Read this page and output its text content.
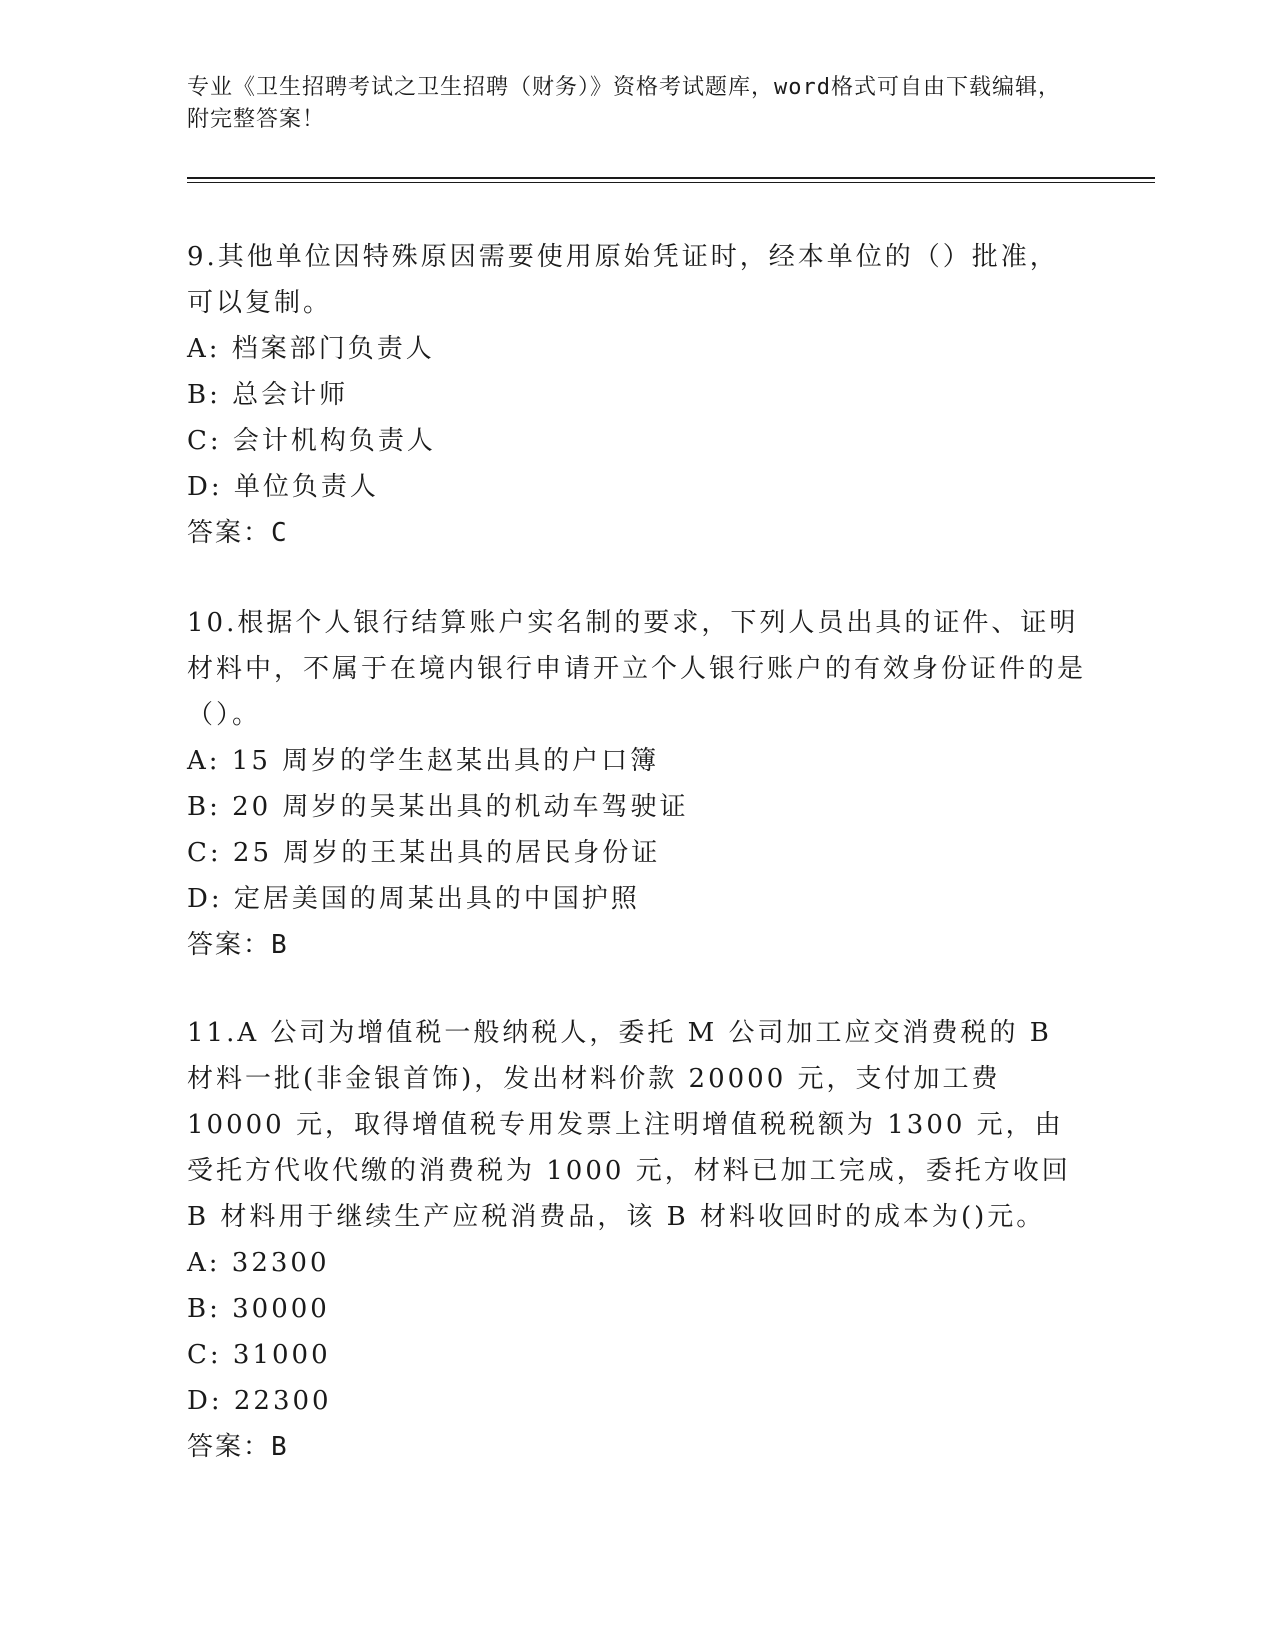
专业《卫生招聘考试之卫生招聘（财务）》资格考试题库，word格式可自由下载编辑，附完整答案！
9.其他单位因特殊原因需要使用原始凭证时，经本单位的（）批准，可以复制。
A: 档案部门负责人
B: 总会计师
C: 会计机构负责人
D: 单位负责人
答案：C
10.根据个人银行结算账户实名制的要求，下列人员出具的证件、证明材料中，不属于在境内银行申请开立个人银行账户的有效身份证件的是（）。
A: 15 周岁的学生赵某出具的户口簿
B: 20 周岁的吴某出具的机动车驾驶证
C: 25 周岁的王某出具的居民身份证
D: 定居美国的周某出具的中国护照
答案：B
11.A 公司为增值税一般纳税人，委托 M 公司加工应交消费税的 B 材料一批(非金银首饰)，发出材料价款 20000 元，支付加工费 10000 元，取得增值税专用发票上注明增值税税额为 1300 元，由受托方代收代缴的消费税为 1000 元，材料已加工完成，委托方收回 B 材料用于继续生产应税消费品，该 B 材料收回时的成本为()元。
A: 32300
B: 30000
C: 31000
D: 22300
答案：B
